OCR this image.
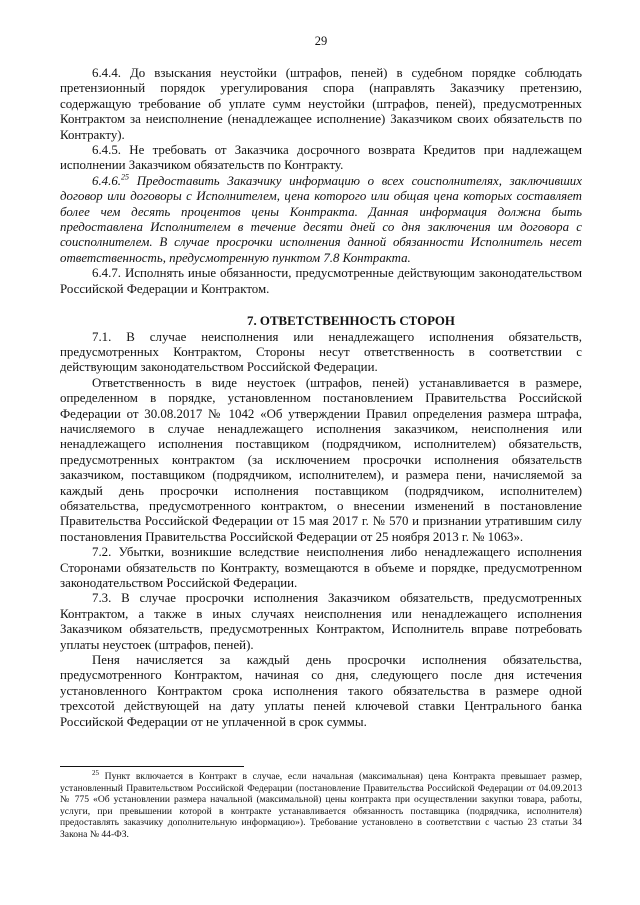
29

6.4.4. До взыскания неустойки (штрафов, пеней) в судебном порядке соблюдать претензионный порядок урегулирования спора (направлять Заказчику претензию, содержащую требование об уплате сумм неустойки (штрафов, пеней), предусмотренных Контрактом за неисполнение (ненадлежащее исполнение) Заказчиком своих обязательств по Контракту).

6.4.5. Не требовать от Заказчика досрочного возврата Кредитов при надлежащем исполнении Заказчиком обязательств по Контракту.

6.4.6.25 Предоставить Заказчику информацию о всех соисполнителях, заключивших договор или договоры с Исполнителем, цена которого или общая цена которых составляет более чем десять процентов цены Контракта. Данная информация должна быть предоставлена Исполнителем в течение десяти дней со дня заключения им договора с соисполнителем. В случае просрочки исполнения данной обязанности Исполнитель несет ответственность, предусмотренную пунктом 7.8 Контракта.

6.4.7. Исполнять иные обязанности, предусмотренные действующим законодательством Российской Федерации и Контрактом.

7. ОТВЕТСТВЕННОСТЬ СТОРОН

7.1. В случае неисполнения или ненадлежащего исполнения обязательств, предусмотренных Контрактом, Стороны несут ответственность в соответствии с действующим законодательством Российской Федерации.

Ответственность в виде неустоек (штрафов, пеней) устанавливается в размере, определенном в порядке, установленном постановлением Правительства Российской Федерации от 30.08.2017 № 1042 «Об утверждении Правил определения размера штрафа, начисляемого в случае ненадлежащего исполнения заказчиком, неисполнения или ненадлежащего исполнения поставщиком (подрядчиком, исполнителем) обязательств, предусмотренных контрактом (за исключением просрочки исполнения обязательств заказчиком, поставщиком (подрядчиком, исполнителем), и размера пени, начисляемой за каждый день просрочки исполнения поставщиком (подрядчиком, исполнителем) обязательства, предусмотренного контрактом, о внесении изменений в постановление Правительства Российской Федерации от 15 мая 2017 г. № 570 и признании утратившим силу постановления Правительства Российской Федерации от 25 ноября 2013 г. № 1063».

7.2. Убытки, возникшие вследствие неисполнения либо ненадлежащего исполнения Сторонами обязательств по Контракту, возмещаются в объеме и порядке, предусмотренном законодательством Российской Федерации.

7.3. В случае просрочки исполнения Заказчиком обязательств, предусмотренных Контрактом, а также в иных случаях неисполнения или ненадлежащего исполнения Заказчиком обязательств, предусмотренных Контрактом, Исполнитель вправе потребовать уплаты неустоек (штрафов, пеней).

Пеня начисляется за каждый день просрочки исполнения обязательства, предусмотренного Контрактом, начиная со дня, следующего после дня истечения установленного Контрактом срока исполнения такого обязательства в размере одной трехсотой действующей на дату уплаты пеней ключевой ставки Центрального банка Российской Федерации от не уплаченной в срок суммы.

$^{25}$ Пункт включается в Контракт в случае, если начальная (максимальная) цена Контракта превышает размер, установленный Правительством Российской Федерации (постановление Правительства Российской Федерации от 04.09.2013 № 775 «Об установлении размера начальной (максимальной) цены контракта при осуществлении закупки товара, работы, услуги, при превышении которой в контракте устанавливается обязанность поставщика (подрядчика, исполнителя) предоставлять заказчику дополнительную информацию»). Требование установлено в соответствии с частью 23 статьи 34 Закона № 44-ФЗ.
